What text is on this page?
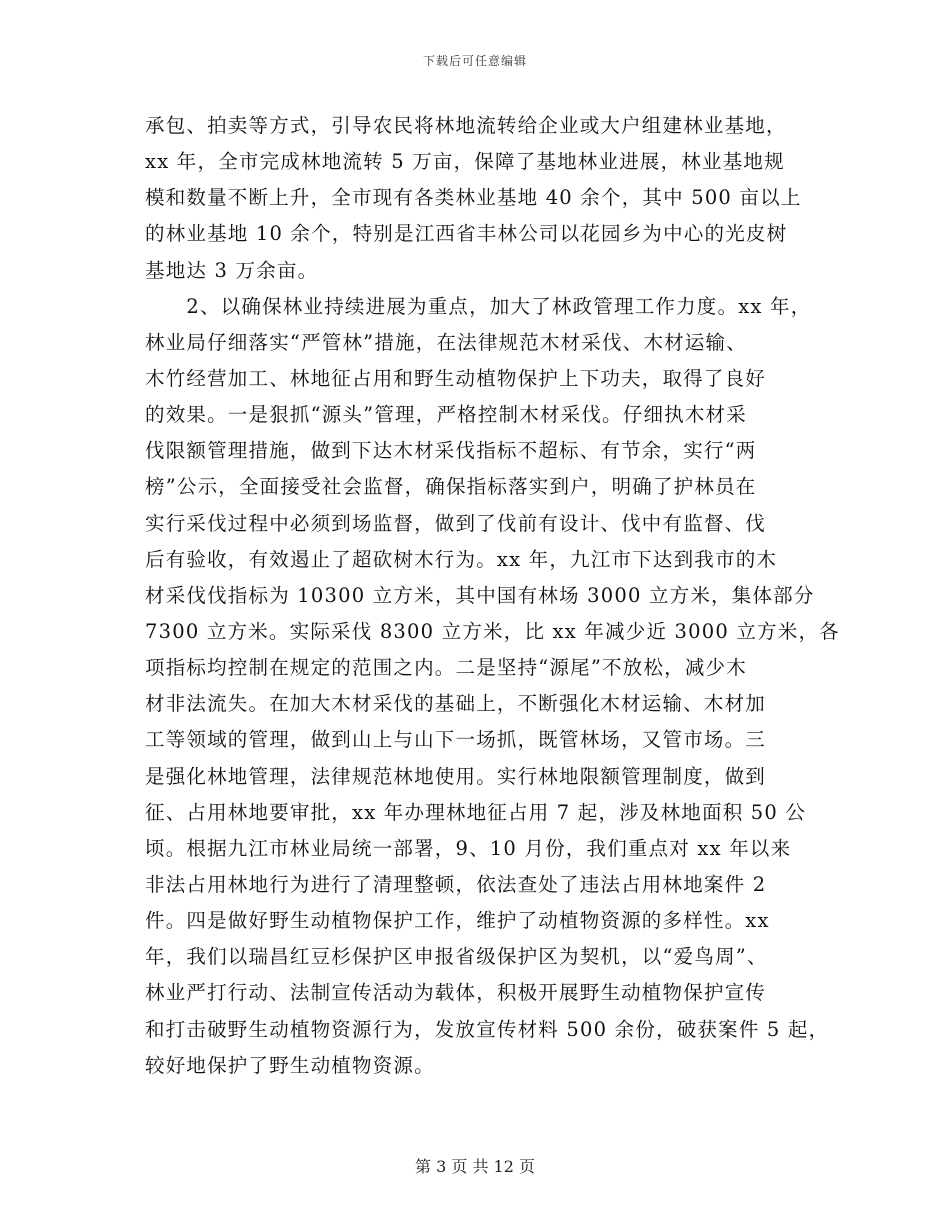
下载后可任意编辑
承包、拍卖等方式，引导农民将林地流转给企业或大户组建林业基地，
xx 年，全市完成林地流转 5 万亩，保障了基地林业进展，林业基地规
模和数量不断上升，全市现有各类林业基地 40 余个，其中 500 亩以上
的林业基地 10 余个，特别是江西省丰林公司以花园乡为中心的光皮树
基地达 3 万余亩。
　　2、以确保林业持续进展为重点，加大了林政管理工作力度。xx 年，
林业局仔细落实“严管林”措施，在法律规范木材采伐、木材运输、
木竹经营加工、林地征占用和野生动植物保护上下功夫，取得了良好
的效果。一是狠抓“源头”管理，严格控制木材采伐。仔细执木材采
伐限额管理措施，做到下达木材采伐指标不超标、有节余，实行“两
榜”公示，全面接受社会监督，确保指标落实到户，明确了护林员在
实行采伐过程中必须到场监督，做到了伐前有设计、伐中有监督、伐
后有验收，有效遏止了超砍树木行为。xx 年，九江市下达到我市的木
材采伐伐指标为 10300 立方米，其中国有林场 3000 立方米，集体部分
7300 立方米。实际采伐 8300 立方米，比 xx 年减少近 3000 立方米，各
项指标均控制在规定的范围之内。二是坚持“源尾”不放松，减少木
材非法流失。在加大木材采伐的基础上，不断强化木材运输、木材加
工等领域的管理，做到山上与山下一场抓，既管林场，又管市场。三
是强化林地管理，法律规范林地使用。实行林地限额管理制度，做到
征、占用林地要审批，xx 年办理林地征占用 7 起，涉及林地面积 50 公
顷。根据九江市林业局统一部署，9、10 月份，我们重点对 xx 年以来
非法占用林地行为进行了清理整顿，依法查处了违法占用林地案件 2
件。四是做好野生动植物保护工作，维护了动植物资源的多样性。xx
年，我们以瑞昌红豆杉保护区申报省级保护区为契机，以“爱鸟周”、
林业严打行动、法制宣传活动为载体，积极开展野生动植物保护宣传
和打击破野生动植物资源行为，发放宣传材料 500 余份，破获案件 5 起，
较好地保护了野生动植物资源。
第 3 页 共 12 页
